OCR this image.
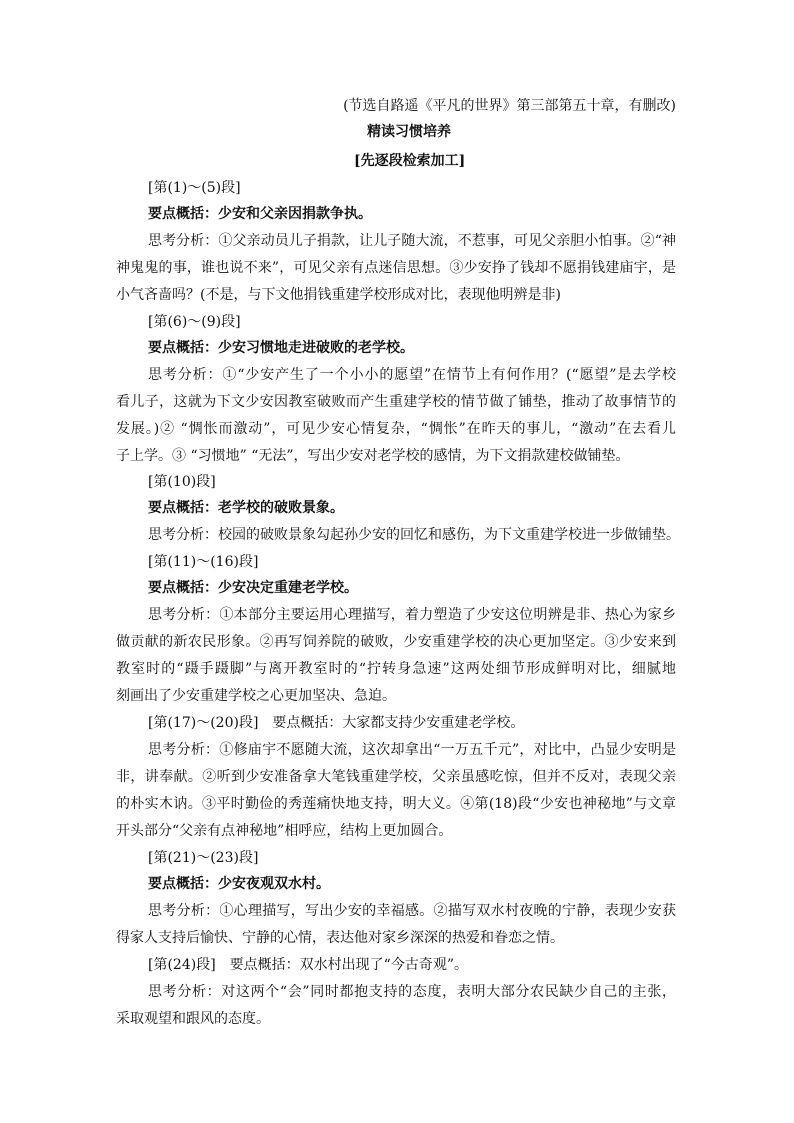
(节选自路遥《平凡的世界》第三部第五十章，有删改)
精读习惯培养
[先逐段检索加工]
[第(1)～(5)段]
要点概括：少安和父亲因捐款争执。
思考分析：①父亲动员儿子捐款，让儿子随大流，不惹事，可见父亲胆小怕事。②“神
神鬼鬼的事，谁也说不来”，可见父亲有点迷信思想。③少安挣了钱却不愿捐钱建庙宇，是
小气吝啬吗？(不是，与下文他捐钱重建学校形成对比，表现他明辨是非)
[第(6)～(9)段]
要点概括：少安习惯地走进破败的老学校。
思考分析：①“少安产生了一个小小的愿望”在情节上有何作用？(“愿望”是去学校
看儿子，这就为下文少安因教室破败而产生重建学校的情节做了铺垫，推动了故事情节的
发展。)② “惆怅而激动”，可见少安心情复杂，“惆怅”在昨天的事儿，“激动”在去看儿
子上学。③ “习惯地” “无法”，写出少安对老学校的感情，为下文捐款建校做铺垫。
[第(10)段]
要点概括：老学校的破败景象。
思考分析：校园的破败景象勾起孙少安的回忆和感伤，为下文重建学校进一步做铺垫。
[第(11)～(16)段]
要点概括：少安决定重建老学校。
思考分析：①本部分主要运用心理描写，着力塑造了少安这位明辨是非、热心为家乡
做贡献的新农民形象。②再写饲养院的破败，少安重建学校的决心更加坚定。③少安来到
教室时的“蹑手蹑脚”与离开教室时的“拧转身急速”这两处细节形成鲜明对比，细腻地
刻画出了少安重建学校之心更加坚决、急迫。
[第(17)～(20)段]　要点概括：大家都支持少安重建老学校。
思考分析：①修庙宇不愿随大流，这次却拿出“一万五千元”，对比中，凸显少安明是
非，讲奉献。②听到少安准备拿大笔钱重建学校，父亲虽感吃惊，但并不反对，表现父亲
的朴实木讷。③平时勤俭的秀莲痛快地支持，明大义。④第(18)段“少安也神秘地”与文章
开头部分“父亲有点神秘地”相呼应，结构上更加圆合。
[第(21)～(23)段]
要点概括：少安夜观双水村。
思考分析：①心理描写，写出少安的幸福感。②描写双水村夜晚的宁静，表现少安获
得家人支持后愉快、宁静的心情，表达他对家乡深深的热爱和眷恋之情。
[第(24)段]　要点概括：双水村出现了“今古奇观”。
思考分析：对这两个“会”同时都抱支持的态度，表明大部分农民缺少自己的主张，
采取观望和跟风的态度。
